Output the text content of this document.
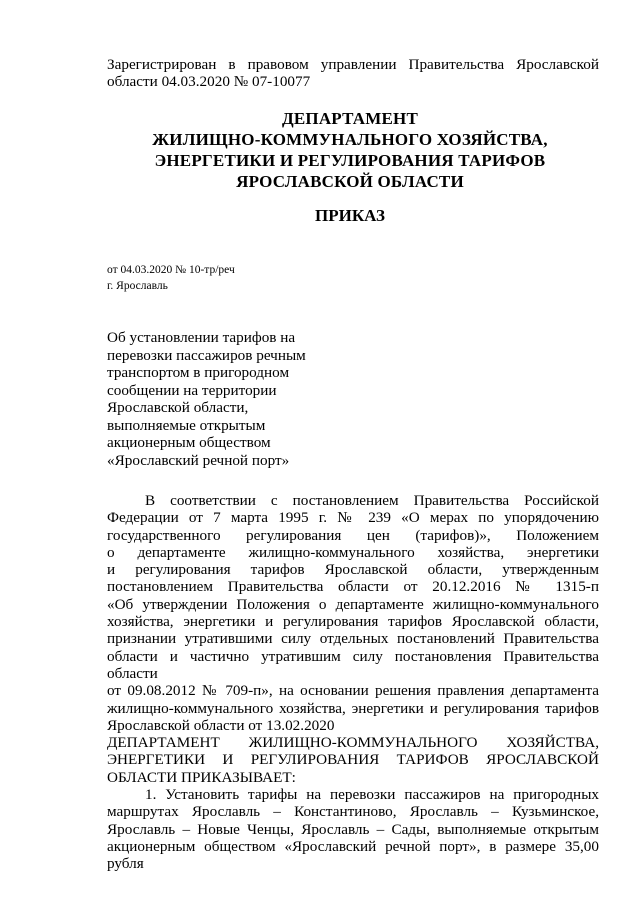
Зарегистрирован в правовом управлении Правительства Ярославской
области 04.03.2020 № 07-10077
ДЕПАРТАМЕНТ
ЖИЛИЩНО-КОММУНАЛЬНОГО ХОЗЯЙСТВА,
ЭНЕРГЕТИКИ И РЕГУЛИРОВАНИЯ ТАРИФОВ
ЯРОСЛАВСКОЙ ОБЛАСТИ
ПРИКАЗ
от 04.03.2020 № 10-тр/реч
г. Ярославль
Об установлении тарифов на
перевозки пассажиров речным
транспортом в пригородном
сообщении на территории
Ярославской области,
выполняемые открытым
акционерным обществом
«Ярославский речной порт»
В соответствии с постановлением Правительства Российской
Федерации от 7 марта 1995 г. № 239 «О мерах по упорядочению
государственного регулирования цен (тарифов)», Положением
о департаменте жилищно-коммунального хозяйства, энергетики
и регулирования тарифов Ярославской области, утвержденным
постановлением Правительства области от 20.12.2016 № 1315-п
«Об утверждении Положения о департаменте жилищно-коммунального
хозяйства, энергетики и регулирования тарифов Ярославской области,
признании утратившими силу отдельных постановлений Правительства
области и частично утратившим силу постановления Правительства области
от 09.08.2012 № 709-п», на основании решения правления департамента
жилищно-коммунального хозяйства, энергетики и регулирования тарифов
Ярославской области от 13.02.2020
ДЕПАРТАМЕНТ ЖИЛИЩНО-КОММУНАЛЬНОГО ХОЗЯЙСТВА,
ЭНЕРГЕТИКИ И РЕГУЛИРОВАНИЯ ТАРИФОВ ЯРОСЛАВСКОЙ
ОБЛАСТИ ПРИКАЗЫВАЕТ:
1. Установить тарифы на перевозки пассажиров на пригородных
маршрутах Ярославль – Константиново, Ярославль – Кузьминское,
Ярославль – Новые Ченцы, Ярославль – Сады, выполняемые открытым
акционерным обществом «Ярославский речной порт», в размере 35,00 рубля
